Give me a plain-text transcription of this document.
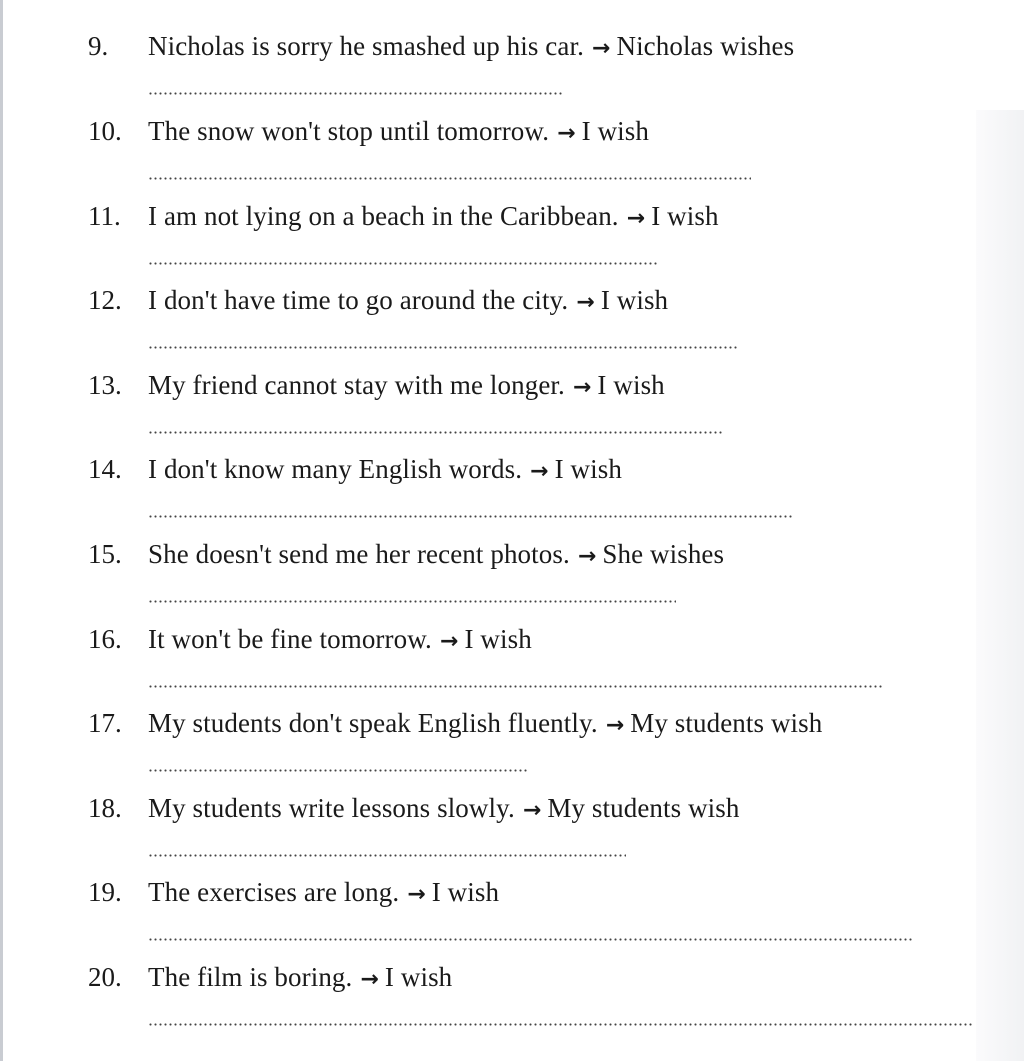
9. Nicholas is sorry he smashed up his car. → Nicholas wishes
10. The snow won't stop until tomorrow. → I wish
11. I am not lying on a beach in the Caribbean. → I wish
12. I don't have time to go around the city. → I wish
13. My friend cannot stay with me longer. → I wish
14. I don't know many English words. → I wish
15. She doesn't send me her recent photos. → She wishes
16. It won't be fine tomorrow. → I wish
17. My students don't speak English fluently. → My students wish
18. My students write lessons slowly. → My students wish
19. The exercises are long. → I wish
20. The film is boring. → I wish
